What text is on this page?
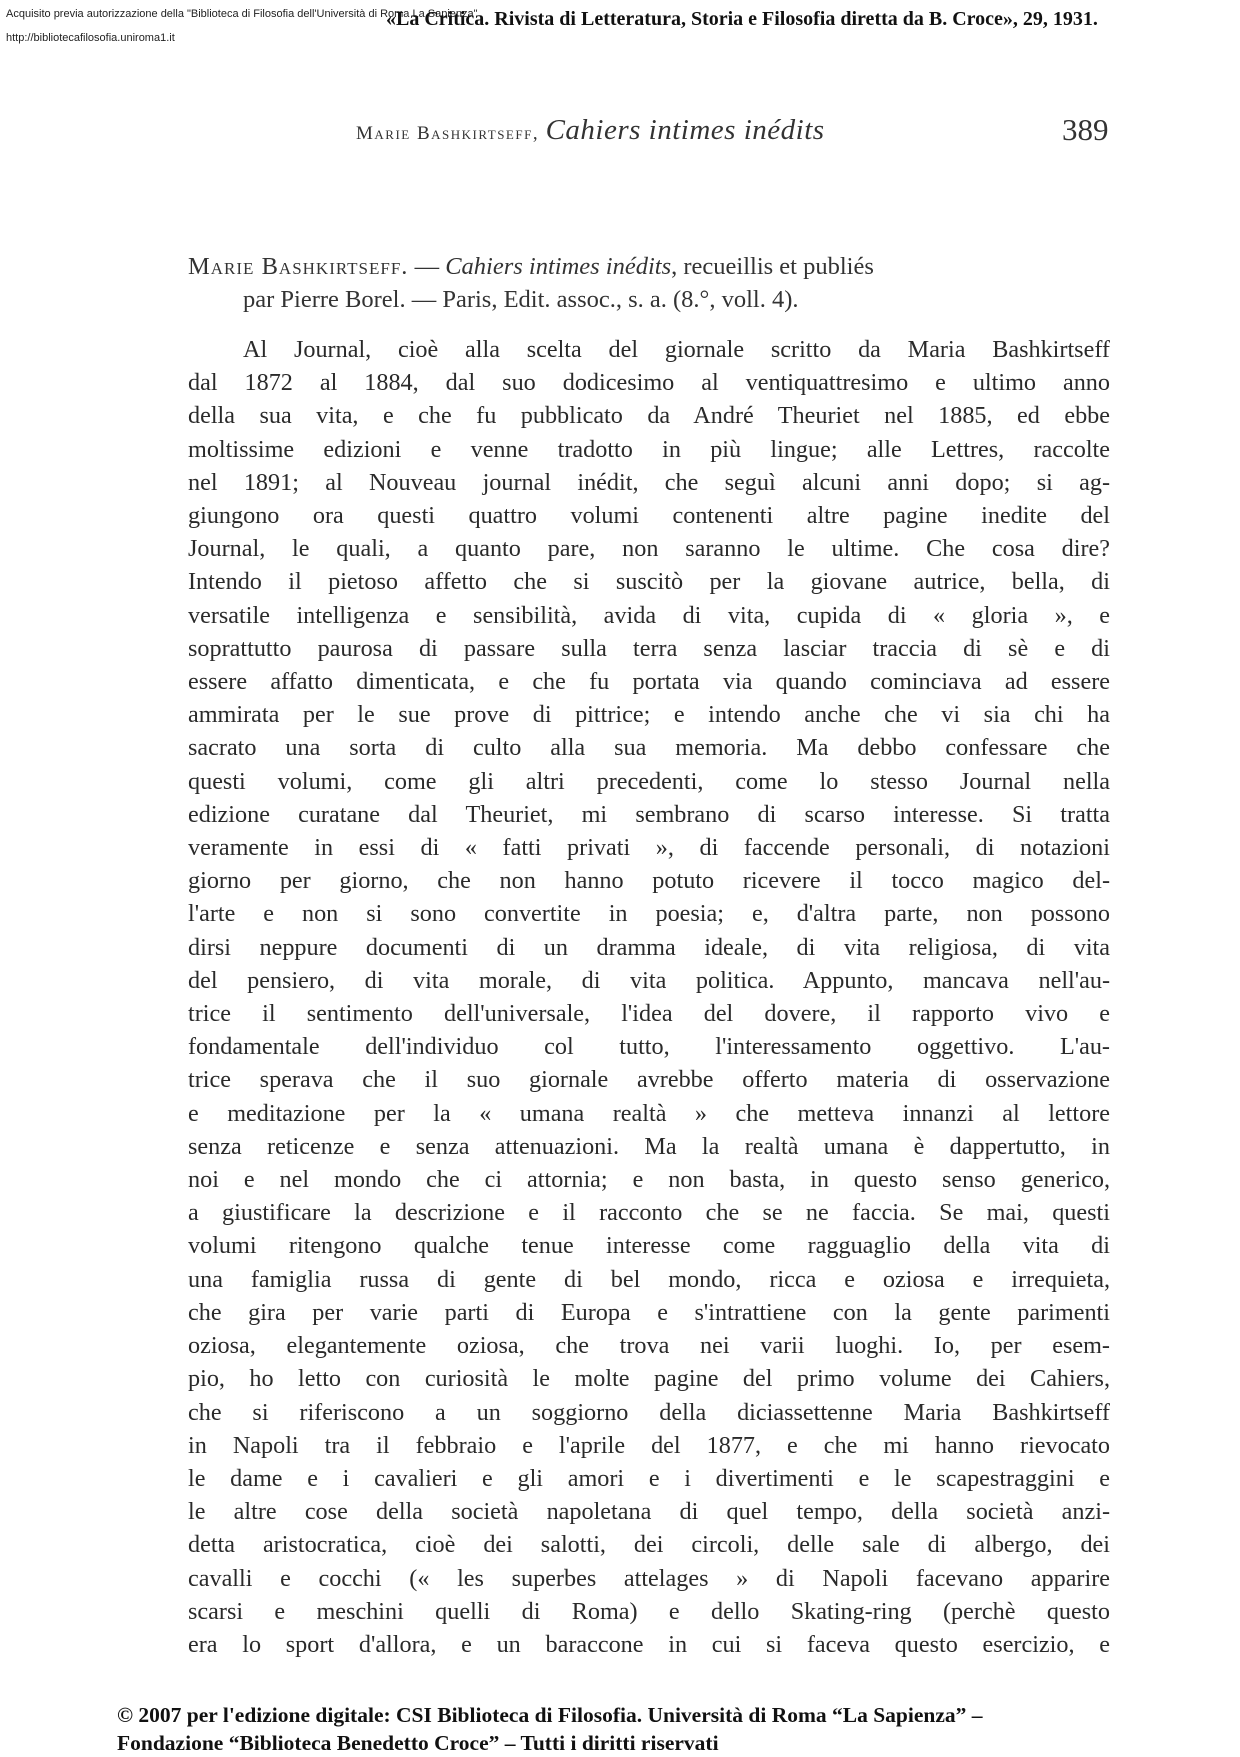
Acquisito previa autorizzazione della "Biblioteca di Filosofia dell'Università di Roma La Sapienza"
http://bibliotecafilosofia.uniroma1.it
«La Critica. Rivista di Letteratura, Storia e Filosofia diretta da B. Croce», 29, 1931.
Marie Bashkirtseff, Cahiers intimes inédits	389
Marie Bashkirtseff. — Cahiers intimes inédits, recueillis et publiés
par Pierre Borel. — Paris, Edit. assoc., s. a. (8.°, voll. 4).
Al Journal, cioè alla scelta del giornale scritto da Maria Bashkirtseff
dal 1872 al 1884, dal suo dodicesimo al ventiquattresimo e ultimo anno
della sua vita, e che fu pubblicato da André Theuriet nel 1885, ed ebbe
moltissime edizioni e venne tradotto in più lingue; alle Lettres, raccolte
nel 1891; al Nouveau journal inédit, che seguì alcuni anni dopo; si ag-
giungono ora questi quattro volumi contenenti altre pagine inedite del
Journal, le quali, a quanto pare, non saranno le ultime. Che cosa dire?
Intendo il pietoso affetto che si suscitò per la giovane autrice, bella, di
versatile intelligenza e sensibilità, avida di vita, cupida di « gloria », e
soprattutto paurosa di passare sulla terra senza lasciar traccia di sè e di
essere affatto dimenticata, e che fu portata via quando cominciava ad essere
ammirata per le sue prove di pittrice; e intendo anche che vi sia chi ha
sacrato una sorta di culto alla sua memoria. Ma debbo confessare che
questi volumi, come gli altri precedenti, come lo stesso Journal nella
edizione curatane dal Theuriet, mi sembrano di scarso interesse. Si tratta
veramente in essi di « fatti privati », di faccende personali, di notazioni
giorno per giorno, che non hanno potuto ricevere il tocco magico del-
l'arte e non si sono convertite in poesia; e, d'altra parte, non possono
dirsi neppure documenti di un dramma ideale, di vita religiosa, di vita
del pensiero, di vita morale, di vita politica. Appunto, mancava nell'au-
trice il sentimento dell'universale, l'idea del dovere, il rapporto vivo e
fondamentale dell'individuo col tutto, l'interessamento oggettivo. L'au-
trice sperava che il suo giornale avrebbe offerto materia di osservazione
e meditazione per la « umana realtà » che metteva innanzi al lettore
senza reticenze e senza attenuazioni. Ma la realtà umana è dappertutto, in
noi e nel mondo che ci attornia; e non basta, in questo senso generico,
a giustificare la descrizione e il racconto che se ne faccia. Se mai, questi
volumi ritengono qualche tenue interesse come ragguaglio della vita di
una famiglia russa di gente di bel mondo, ricca e oziosa e irrequieta,
che gira per varie parti di Europa e s'intrattiene con la gente parimenti
oziosa, elegantemente oziosa, che trova nei varii luoghi. Io, per esem-
pio, ho letto con curiosità le molte pagine del primo volume dei Cahiers,
che si riferiscono a un soggiorno della diciassettenne Maria Bashkirtseff
in Napoli tra il febbraio e l'aprile del 1877, e che mi hanno rievocato
le dame e i cavalieri e gli amori e i divertimenti e le scapestraggini e
le altre cose della società napoletana di quel tempo, della società anzi-
detta aristocratica, cioè dei salotti, dei circoli, delle sale di albergo, dei
cavalli e cocchi (« les superbes attelages » di Napoli facevano apparire
scarsi e meschini quelli di Roma) e dello Skating-ring (perchè questo
era lo sport d'allora, e un baraccone in cui si faceva questo esercizio, e
© 2007 per l'edizione digitale: CSI Biblioteca di Filosofia. Università di Roma “La Sapienza” –
Fondazione “Biblioteca Benedetto Croce” – Tutti i diritti riservati
